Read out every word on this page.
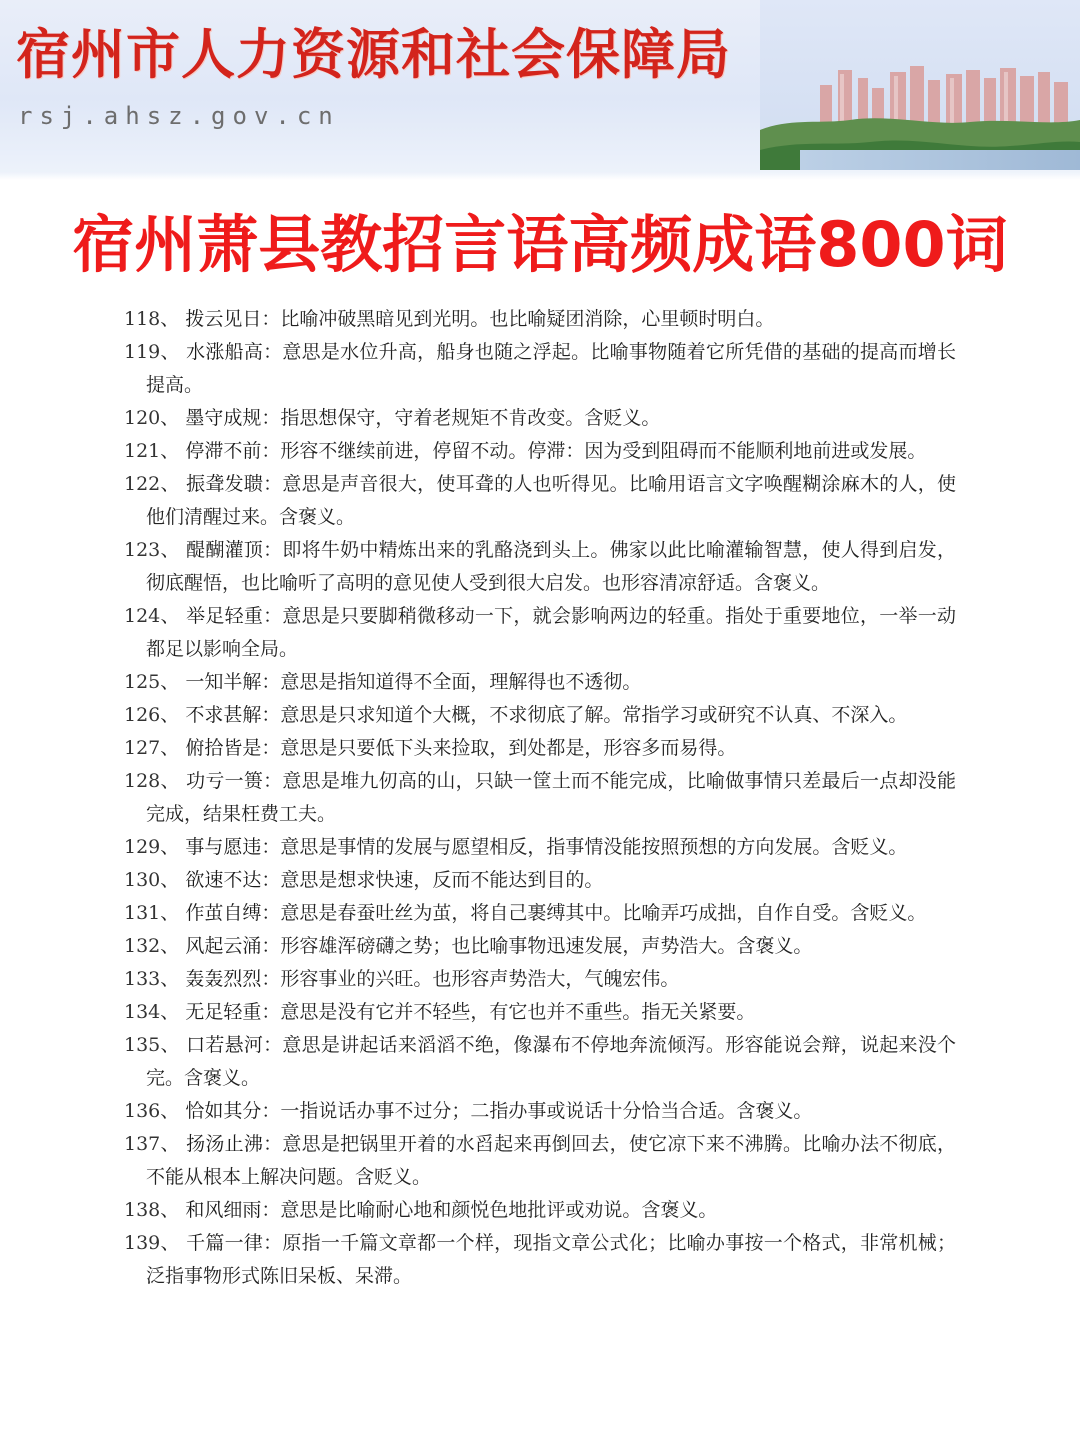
宿州市人力资源和社会保障局
rsj.ahsz.gov.cn
宿州萧县教招言语高频成语800词
118、 拨云见日：比喻冲破黑暗见到光明。也比喻疑团消除，心里顿时明白。
119、 水涨船高：意思是水位升高，船身也随之浮起。比喻事物随着它所凭借的基础的提高而增长提高。
120、 墨守成规：指思想保守，守着老规矩不肯改变。含贬义。
121、 停滞不前：形容不继续前进，停留不动。停滞：因为受到阻碍而不能顺利地前进或发展。
122、 振聋发聩：意思是声音很大，使耳聋的人也听得见。比喻用语言文字唤醒糊涂麻木的人，使他们清醒过来。含褒义。
123、 醍醐灌顶：即将牛奶中精炼出来的乳酪浇到头上。佛家以此比喻灌输智慧，使人得到启发，彻底醒悟，也比喻听了高明的意见使人受到很大启发。也形容清凉舒适。含褒义。
124、 举足轻重：意思是只要脚稍微移动一下，就会影响两边的轻重。指处于重要地位，一举一动都足以影响全局。
125、 一知半解：意思是指知道得不全面，理解得也不透彻。
126、 不求甚解：意思是只求知道个大概，不求彻底了解。常指学习或研究不认真、不深入。
127、 俯拾皆是：意思是只要低下头来捡取，到处都是，形容多而易得。
128、 功亏一篑：意思是堆九仞高的山，只缺一筐土而不能完成，比喻做事情只差最后一点却没能完成，结果枉费工夫。
129、 事与愿违：意思是事情的发展与愿望相反，指事情没能按照预想的方向发展。含贬义。
130、 欲速不达：意思是想求快速，反而不能达到目的。
131、 作茧自缚：意思是春蚕吐丝为茧，将自己裹缚其中。比喻弄巧成拙，自作自受。含贬义。
132、 风起云涌：形容雄浑磅礴之势；也比喻事物迅速发展，声势浩大。含褒义。
133、 轰轰烈烈：形容事业的兴旺。也形容声势浩大，气魄宏伟。
134、 无足轻重：意思是没有它并不轻些，有它也并不重些。指无关紧要。
135、 口若悬河：意思是讲起话来滔滔不绝，像瀑布不停地奔流倾泻。形容能说会辩，说起来没个完。含褒义。
136、 恰如其分：一指说话办事不过分；二指办事或说话十分恰当合适。含褒义。
137、 扬汤止沸：意思是把锅里开着的水舀起来再倒回去，使它凉下来不沸腾。比喻办法不彻底，不能从根本上解决问题。含贬义。
138、 和风细雨：意思是比喻耐心地和颜悦色地批评或劝说。含褒义。
139、 千篇一律：原指一千篇文章都一个样，现指文章公式化；比喻办事按一个格式，非常机械；泛指事物形式陈旧呆板、呆滞。
